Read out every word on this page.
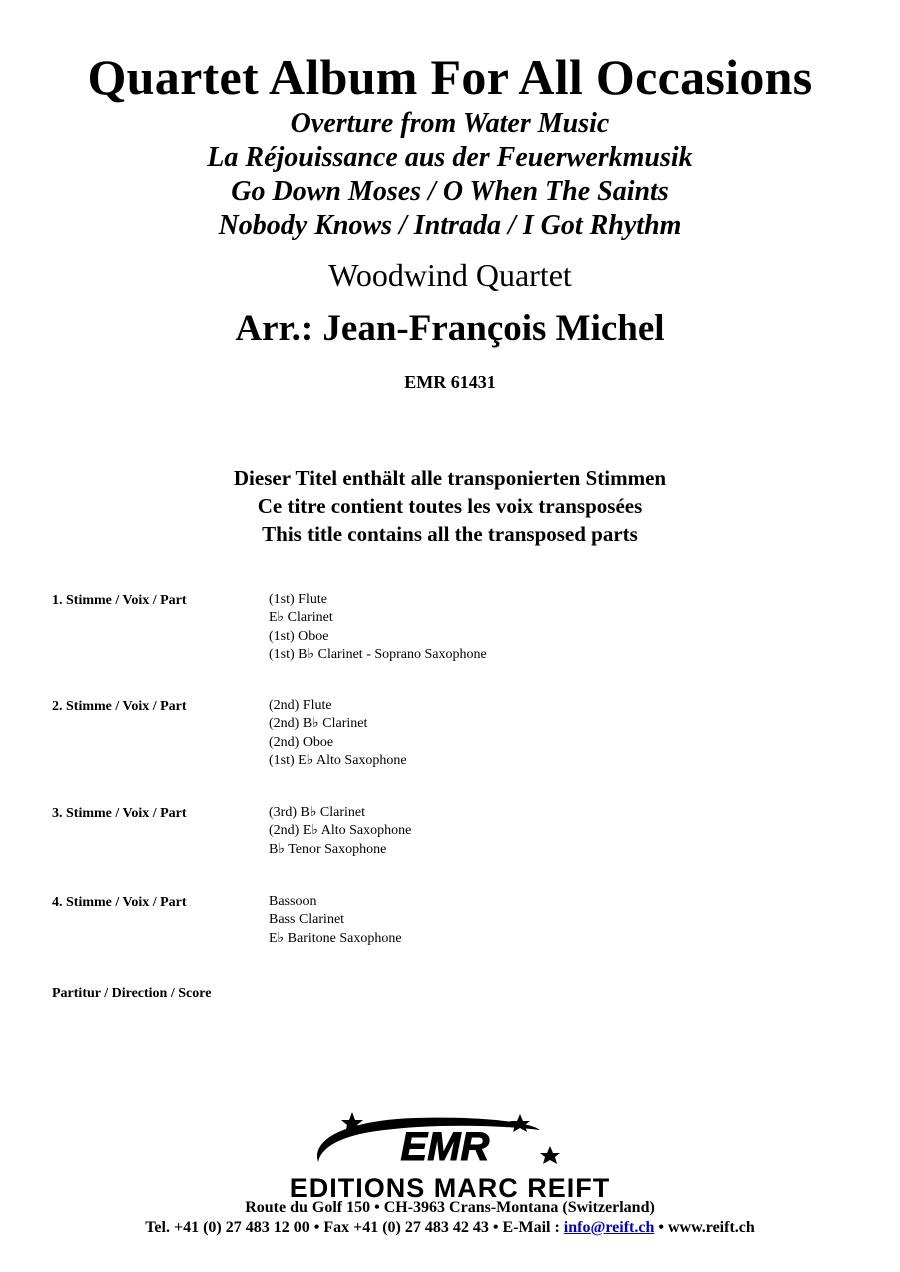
Quartet Album For All Occasions
Overture from Water Music
La Réjouissance aus der Feuerwerkmusik
Go Down Moses / O When The Saints
Nobody Knows / Intrada / I Got Rhythm
Woodwind Quartet
Arr.: Jean-François Michel
EMR 61431
Dieser Titel enthält alle transponierten Stimmen
Ce titre contient toutes les voix transposées
This title contains all the transposed parts
1. Stimme / Voix / Part	(1st) Flute
E♭ Clarinet
(1st) Oboe
(1st) B♭ Clarinet - Soprano Saxophone
2. Stimme / Voix / Part	(2nd) Flute
(2nd) B♭ Clarinet
(2nd) Oboe
(1st) E♭ Alto Saxophone
3. Stimme / Voix / Part	(3rd) B♭ Clarinet
(2nd) E♭ Alto Saxophone
B♭ Tenor Saxophone
4. Stimme / Voix / Part	Bassoon
Bass Clarinet
E♭ Baritone Saxophone
Partitur / Direction / Score
EMR
EDITIONS MARC REIFT
Route du Golf 150 • CH-3963 Crans-Montana (Switzerland)
Tel. +41 (0) 27 483 12 00 • Fax +41 (0) 27 483 42 43 • E-Mail : info@reift.ch • www.reift.ch
